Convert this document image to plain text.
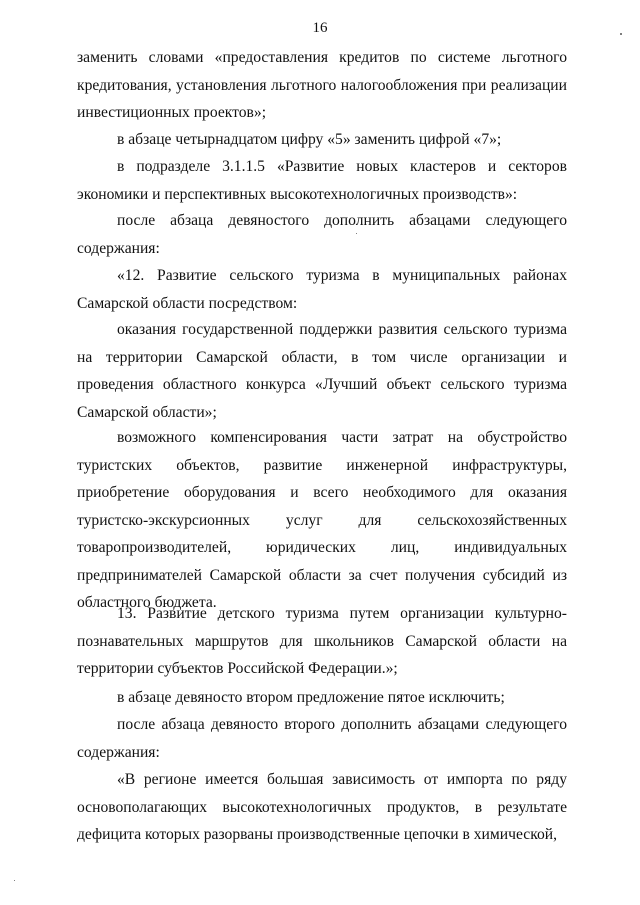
16

заменить словами «предоставления кредитов по системе льготного кредитования, установления льготного налогообложения при реализации инвестиционных проектов»;

в абзаце четырнадцатом цифру «5» заменить цифрой «7»;

в подразделе 3.1.1.5 «Развитие новых кластеров и секторов экономики и перспективных высокотехнологичных производств»:

после абзаца девяностого дополнить абзацами следующего содержания:

«12. Развитие сельского туризма в муниципальных районах Самарской области посредством:

оказания государственной поддержки развития сельского туризма на территории Самарской области, в том числе организации и проведения областного конкурса «Лучший объект сельского туризма Самарской области»;

возможного компенсирования части затрат на обустройство туристских объектов, развитие инженерной инфраструктуры, приобретение оборудования и всего необходимого для оказания туристско-экскурсионных услуг для сельскохозяйственных товаропроизводителей, юридических лиц, индивидуальных предпринимателей Самарской области за счет получения субсидий из областного бюджета.

13. Развитие детского туризма путем организации культурно-познавательных маршрутов для школьников Самарской области на территории субъектов Российской Федерации.»;

в абзаце девяносто втором предложение пятое исключить;

после абзаца девяносто второго дополнить абзацами следующего содержания:

«В регионе имеется большая зависимость от импорта по ряду основополагающих высокотехнологичных продуктов, в результате дефицита которых разорваны производственные цепочки в химической,
